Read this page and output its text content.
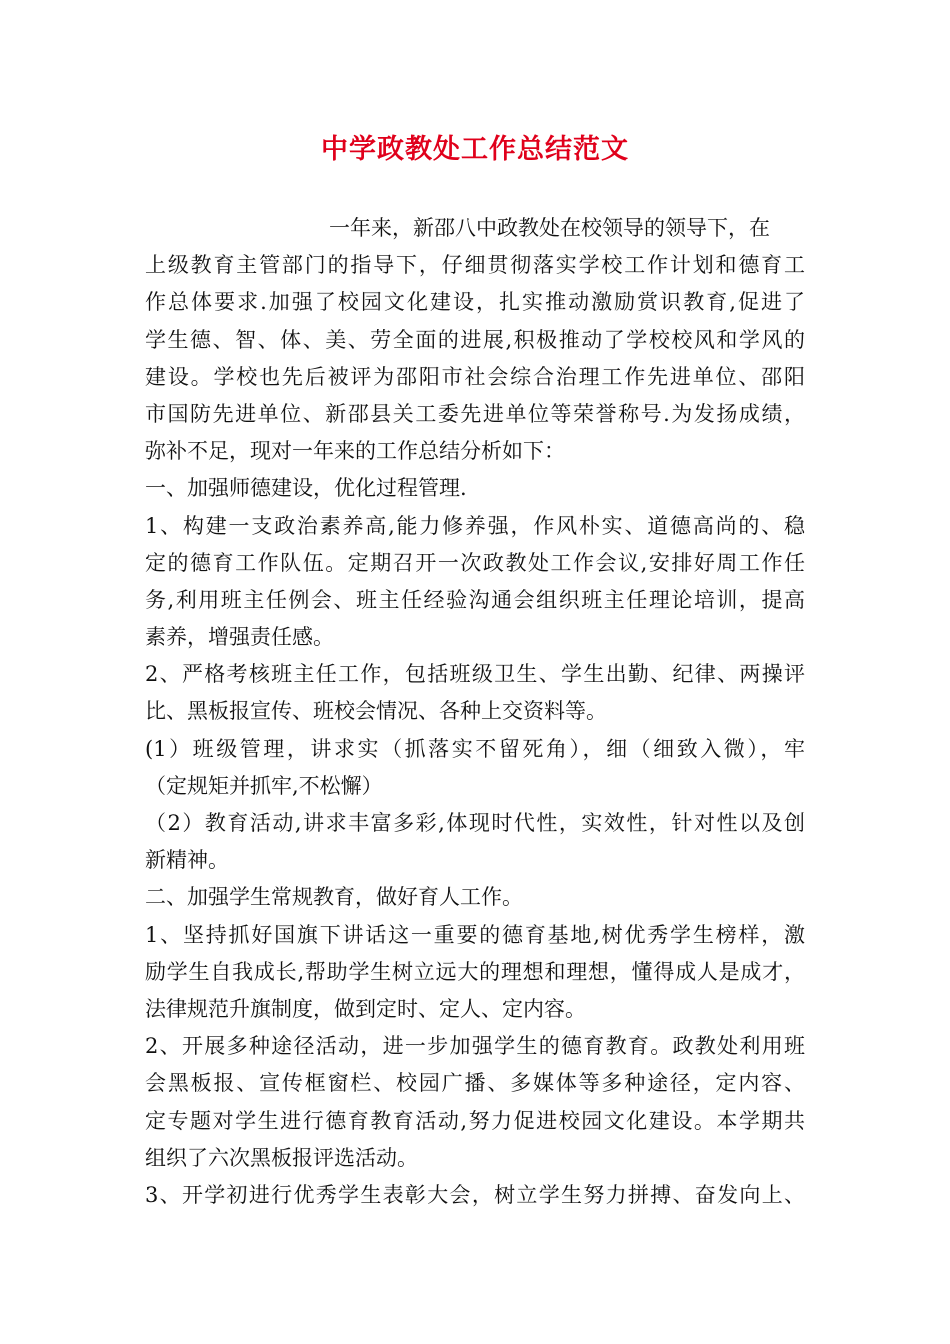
中学政教处工作总结范文
一年来，新邵八中政教处在校领导的领导下，在
上级教育主管部门的指导下，仔细贯彻落实学校工作计划和德育工
作总体要求.加强了校园文化建设，扎实推动激励赏识教育,促进了
学生德、智、体、美、劳全面的进展,积极推动了学校校风和学风的
建设。学校也先后被评为邵阳市社会综合治理工作先进单位、邵阳
市国防先进单位、新邵县关工委先进单位等荣誉称号.为发扬成绩，
弥补不足，现对一年来的工作总结分析如下：
一、加强师德建设，优化过程管理.
1、构建一支政治素养高,能力修养强，作风朴实、道德高尚的、稳
定的德育工作队伍。定期召开一次政教处工作会议,安排好周工作任
务,利用班主任例会、班主任经验沟通会组织班主任理论培训，提高
素养，增强责任感。
2、严格考核班主任工作，包括班级卫生、学生出勤、纪律、两操评
比、黑板报宣传、班校会情况、各种上交资料等。
(1）班级管理，讲求实（抓落实不留死角），细（细致入微），牢
（定规矩并抓牢,不松懈）
（2）教育活动,讲求丰富多彩,体现时代性，实效性，针对性以及创
新精神。
二、加强学生常规教育，做好育人工作。
1、坚持抓好国旗下讲话这一重要的德育基地,树优秀学生榜样，激
励学生自我成长,帮助学生树立远大的理想和理想，懂得成人是成才，
法律规范升旗制度，做到定时、定人、定内容。
2、开展多种途径活动，进一步加强学生的德育教育。政教处利用班
会黑板报、宣传框窗栏、校园广播、多媒体等多种途径，定内容、
定专题对学生进行德育教育活动,努力促进校园文化建设。本学期共
组织了六次黑板报评选活动。
3、开学初进行优秀学生表彰大会，树立学生努力拼搏、奋发向上、
